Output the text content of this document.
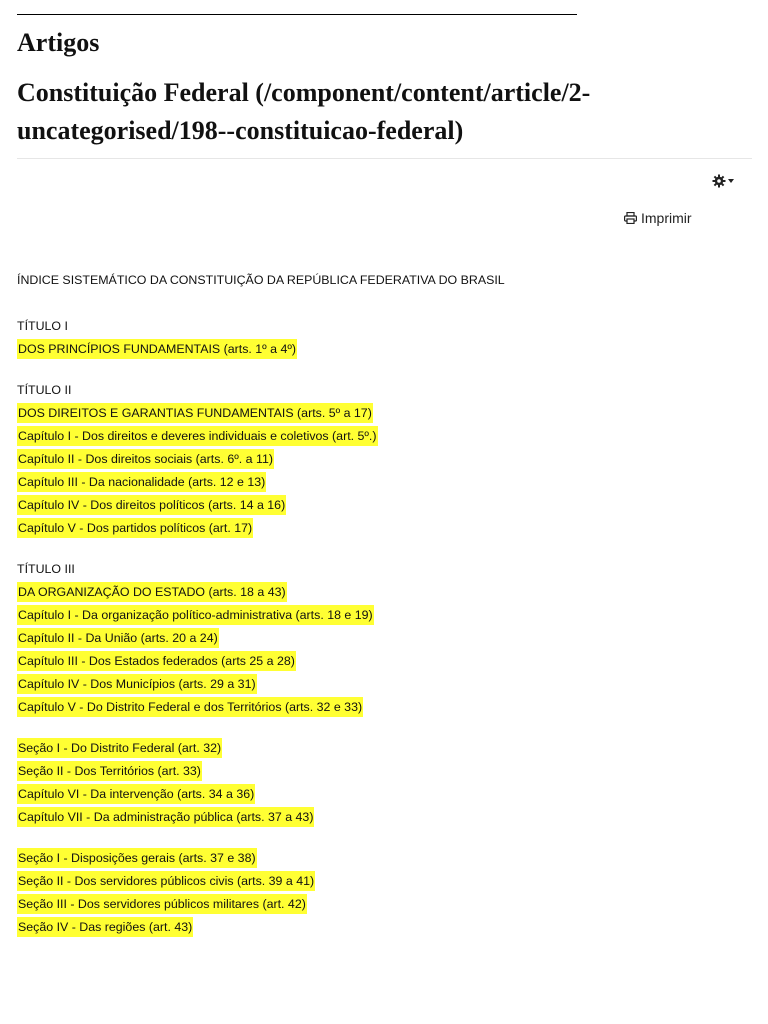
Artigos
Constituição Federal (/component/content/article/2-uncategorised/198--constituicao-federal)
Imprimir
ÍNDICE SISTEMÁTICO DA CONSTITUIÇÃO DA REPÚBLICA FEDERATIVA DO BRASIL
TÍTULO I
DOS PRINCÍPIOS FUNDAMENTAIS (arts. 1º a 4º)
TÍTULO II
DOS DIREITOS E GARANTIAS FUNDAMENTAIS (arts. 5º a 17)
Capítulo I - Dos direitos e deveres individuais e coletivos (art. 5º.)
Capítulo II - Dos direitos sociais (arts. 6º. a 11)
Capítulo III - Da nacionalidade (arts. 12 e 13)
Capítulo IV - Dos direitos políticos (arts. 14 a 16)
Capítulo V - Dos partidos políticos (art. 17)
TÍTULO III
DA ORGANIZAÇÃO DO ESTADO (arts. 18 a 43)
Capítulo I - Da organização político-administrativa (arts. 18 e 19)
Capítulo II - Da União (arts. 20 a 24)
Capítulo III - Dos Estados federados (arts 25 a 28)
Capítulo IV - Dos Municípios (arts. 29 a 31)
Capítulo V - Do Distrito Federal e dos Territórios (arts. 32 e 33)
Seção I - Do Distrito Federal (art. 32)
Seção II - Dos Territórios (art. 33)
Capítulo VI - Da intervenção (arts. 34 a 36)
Capítulo VII - Da administração pública (arts. 37 a 43)
Seção I - Disposições gerais (arts. 37 e 38)
Seção II - Dos servidores públicos civis (arts. 39 a 41)
Seção III - Dos servidores públicos militares (art. 42)
Seção IV - Das regiões (art. 43)
